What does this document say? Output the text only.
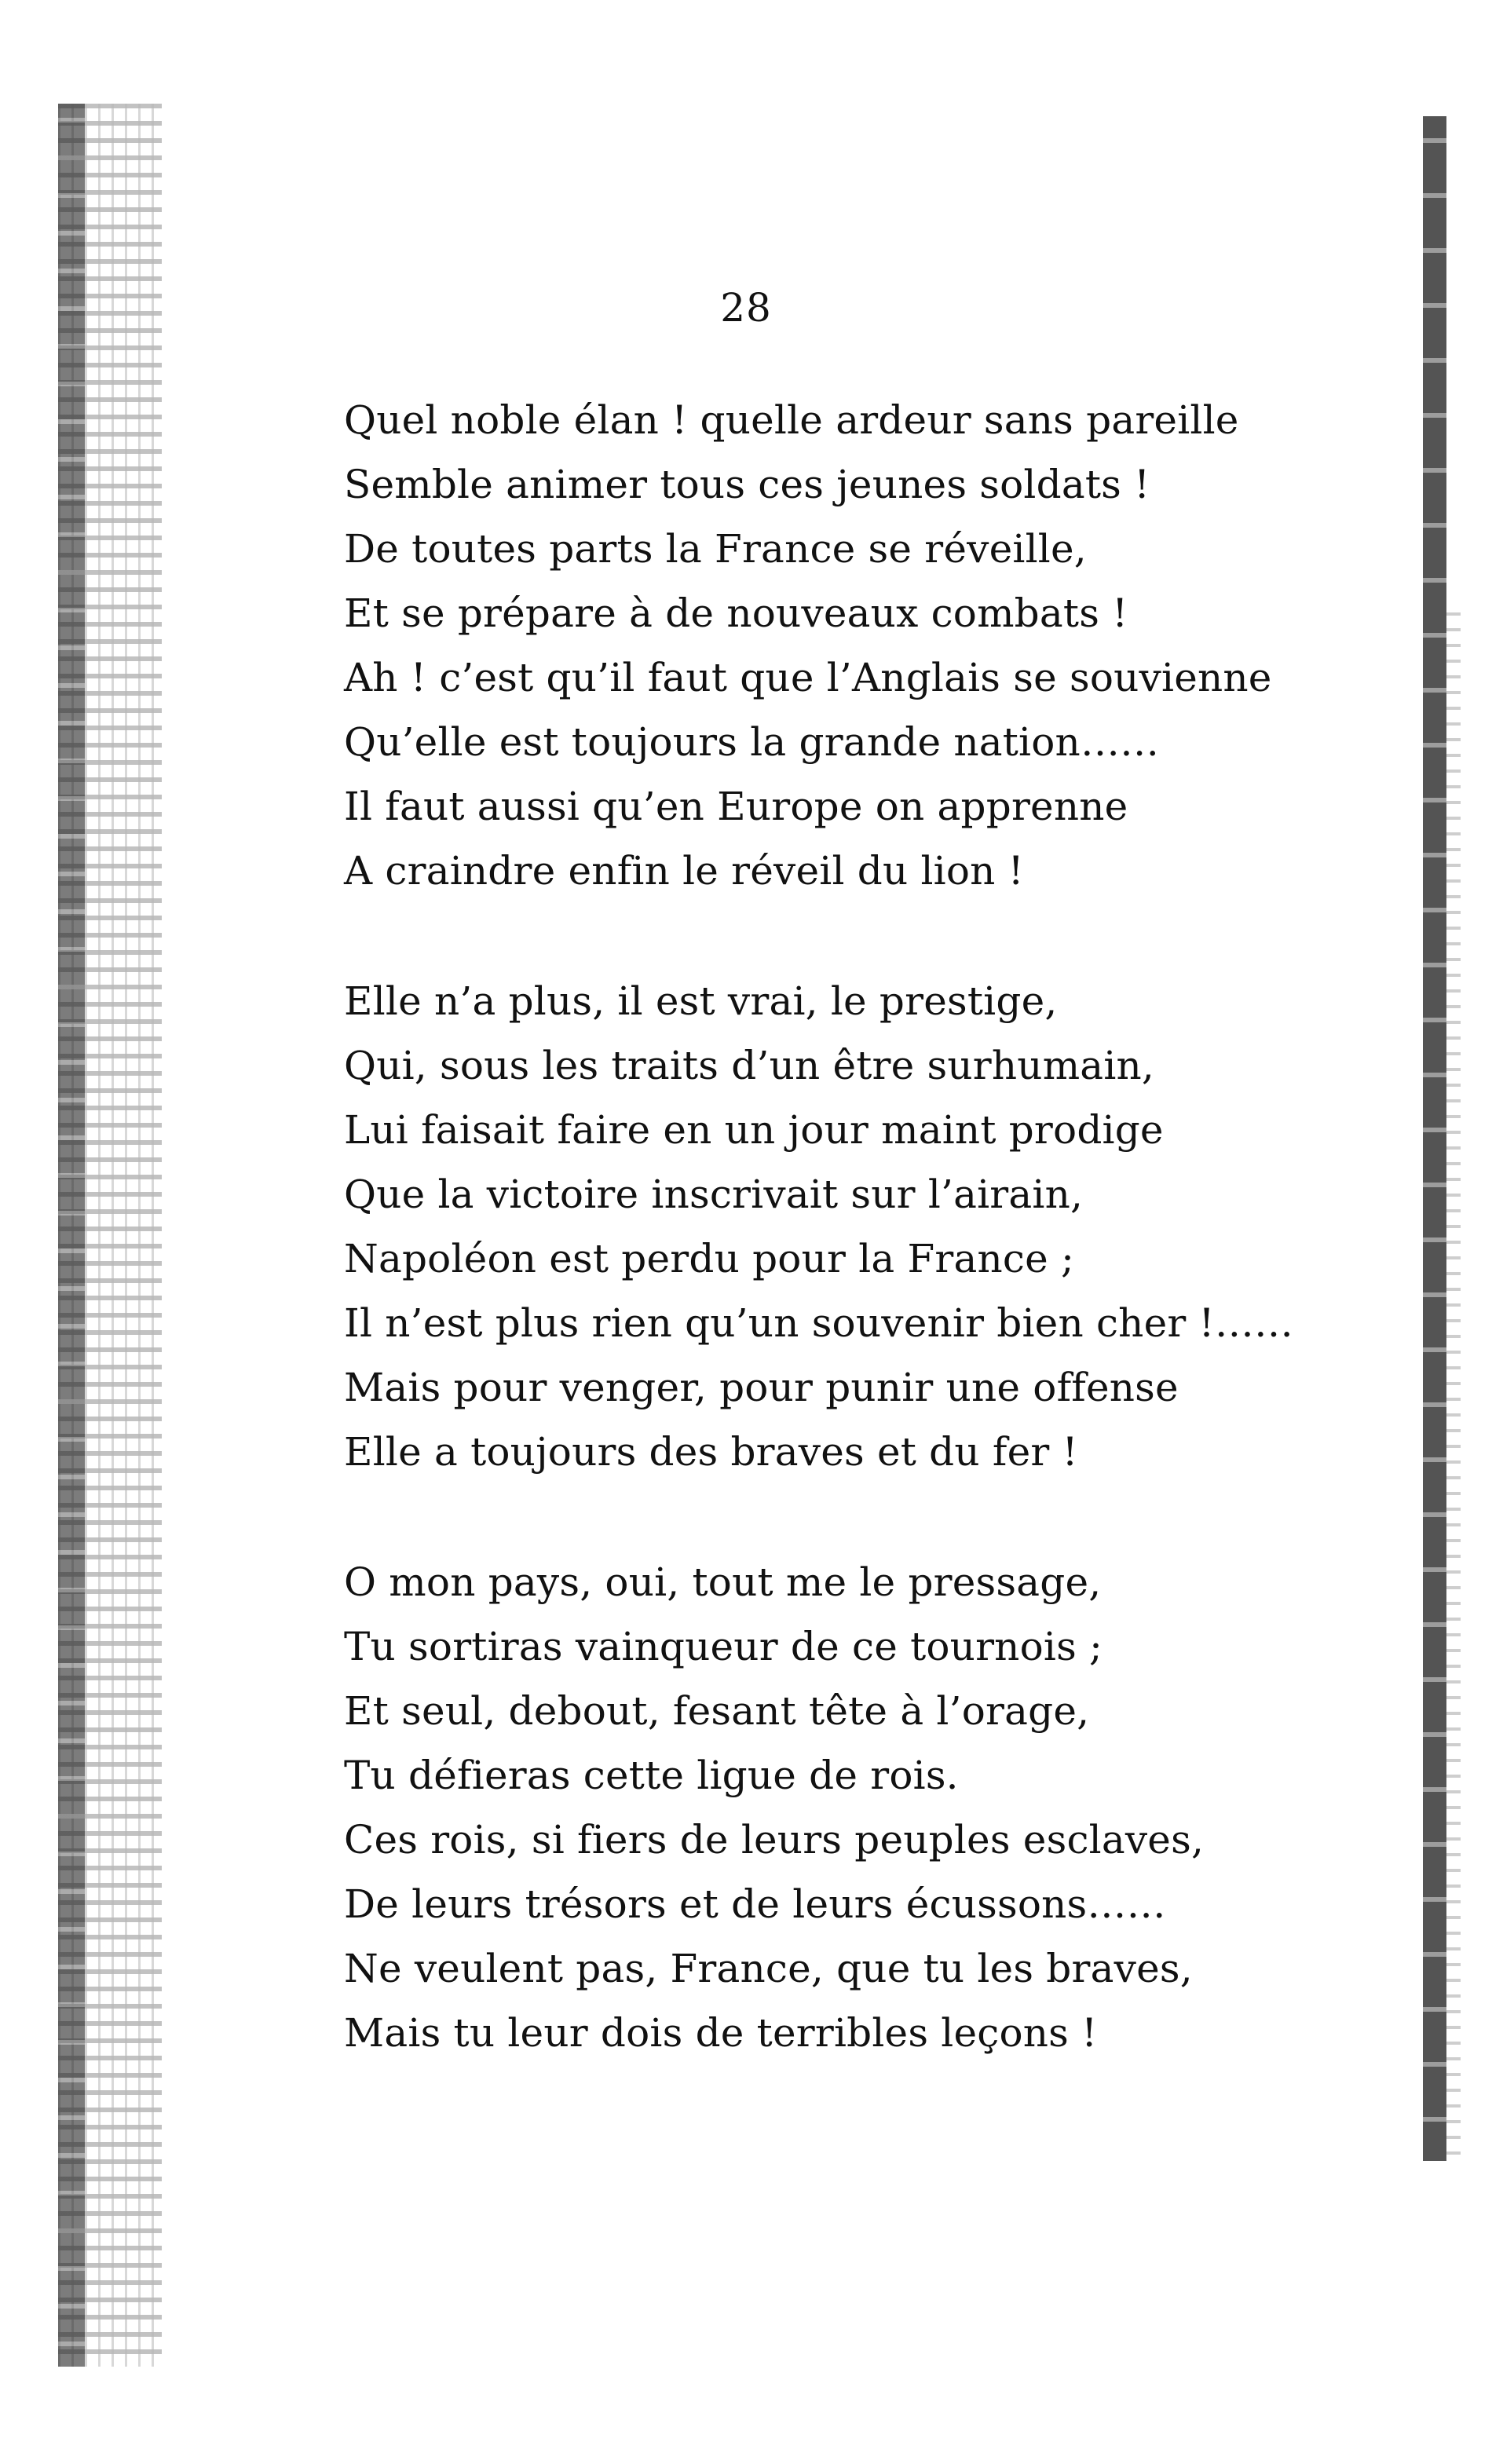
28
Quel noble élan ! quelle ardeur sans pareille
Semble animer tous ces jeunes soldats !
De toutes parts la France se réveille,
Et se prépare à de nouveaux combats !
Ah ! c’est qu’il faut que l’Anglais se souvienne
Qu’elle est toujours la grande nation……
Il faut aussi qu’en Europe on apprenne
A craindre enfin le réveil du lion !
Elle n’a plus, il est vrai, le prestige,
Qui, sous les traits d’un être surhumain,
Lui faisait faire en un jour maint prodige
Que la victoire inscrivait sur l’airain,
Napoléon est perdu pour la France ;
Il n’est plus rien qu’un souvenir bien cher !……
Mais pour venger, pour punir une offense
Elle a toujours des braves et du fer !
O mon pays, oui, tout me le pressage,
Tu sortiras vainqueur de ce tournois ;
Et seul, debout, fesant tête à l’orage,
Tu défieras cette ligue de rois.
Ces rois, si fiers de leurs peuples esclaves,
De leurs trésors et de leurs écussons……
Ne veulent pas, France, que tu les braves,
Mais tu leur dois de terribles leçons !
